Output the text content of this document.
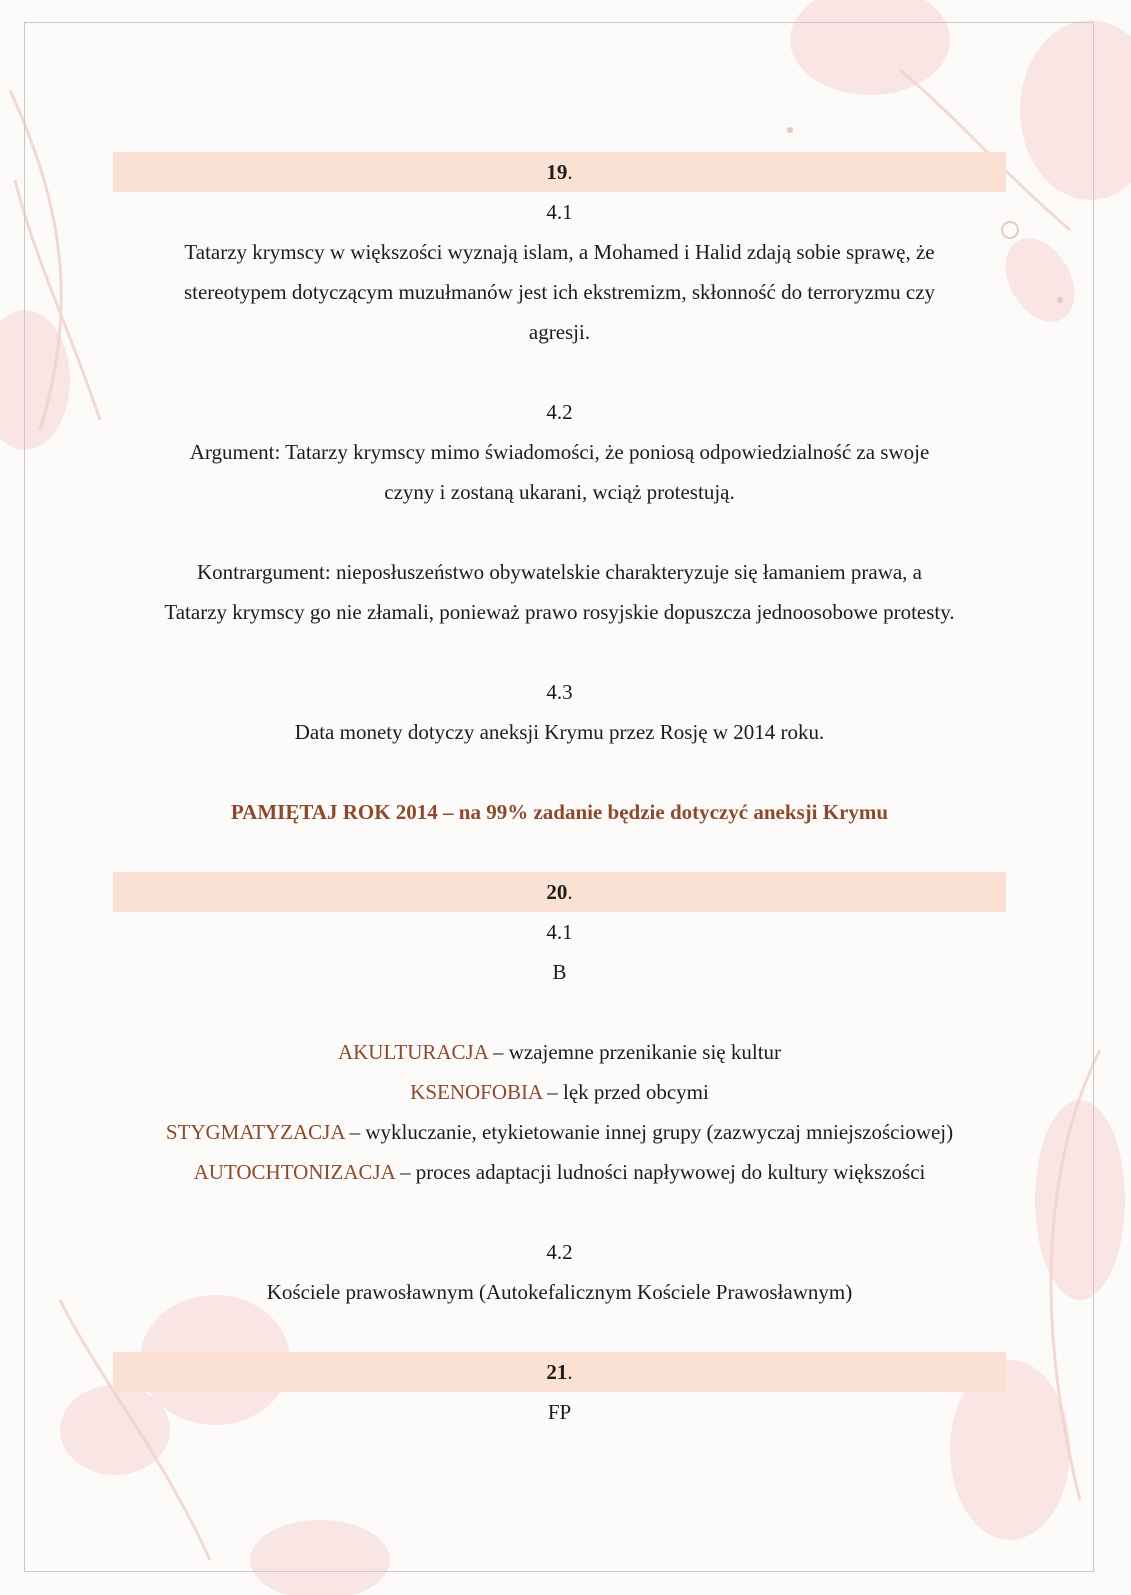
19.
4.1
Tatarzy krymscy w większości wyznają islam, a Mohamed i Halid zdają sobie sprawę, że
stereotypem dotyczącym muzułmanów jest ich ekstremizm, skłonność do terroryzmu czy
agresji.
4.2
Argument: Tatarzy krymscy mimo świadomości, że poniosą odpowiedzialność za swoje
czyny i zostaną ukarani, wciąż protestują.
Kontrargument: nieposłuszeństwo obywatelskie charakteryzuje się łamaniem prawa, a
Tatarzy krymscy go nie złamali, ponieważ prawo rosyjskie dopuszcza jednoosobowe protesty.
4.3
Data monety dotyczy aneksji Krymu przez Rosję w 2014 roku.
PAMIĘTAJ ROK 2014 – na 99% zadanie będzie dotyczyć aneksji Krymu
20.
4.1
B
AKULTURACJA – wzajemne przenikanie się kultur
KSENOFOBIA – lęk przed obcymi
STYGMATYZACJA – wykluczanie, etykietowanie innej grupy (zazwyczaj mniejszościowej)
AUTOCHTONIZACJA – proces adaptacji ludności napływowej do kultury większości
4.2
Kościele prawosławnym (Autokefalicznym Kościele Prawosławnym)
21.
FP
